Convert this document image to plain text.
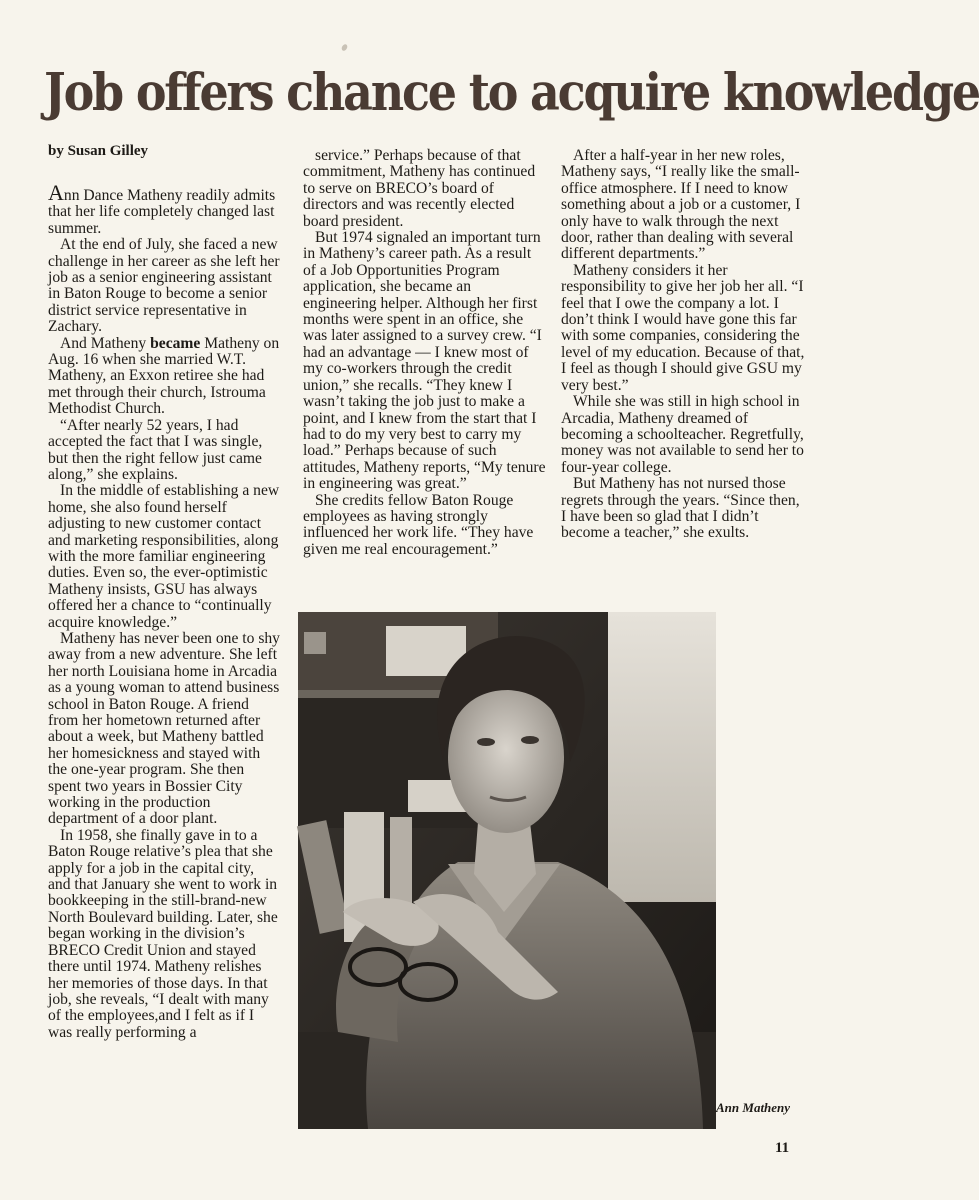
Job offers chance to acquire knowledge
by Susan Gilley

Ann Dance Matheny readily admits that her life completely changed last summer.

At the end of July, she faced a new challenge in her career as she left her job as a senior engineering assistant in Baton Rouge to become a senior district service representative in Zachary.

And Matheny became Matheny on Aug. 16 when she married W.T. Matheny, an Exxon retiree she had met through their church, Istrouma Methodist Church.

“After nearly 52 years, I had accepted the fact that I was single, but then the right fellow just came along,” she explains.

In the middle of establishing a new home, she also found herself adjusting to new customer contact and marketing responsibilities, along with the more familiar engineering duties. Even so, the ever-optimistic Matheny insists, GSU has always offered her a chance to “continually acquire knowledge.”

Matheny has never been one to shy away from a new adventure. She left her north Louisiana home in Arcadia as a young woman to attend business school in Baton Rouge. A friend from her hometown returned after about a week, but Matheny battled her homesickness and stayed with the one-year program. She then spent two years in Bossier City working in the production department of a door plant.

In 1958, she finally gave in to a Baton Rouge relative’s plea that she apply for a job in the capital city, and that January she went to work in bookkeeping in the still-brand-new North Boulevard building. Later, she began working in the division’s BRECO Credit Union and stayed there until 1974. Matheny relishes her memories of those days. In that job, she reveals, “I dealt with many of the employees,and I felt as if I was really performing a

service.” Perhaps because of that commitment, Matheny has continued to serve on BRECO’s board of directors and was recently elected board president.

But 1974 signaled an important turn in Matheny’s career path. As a result of a Job Opportunities Program application, she became an engineering helper. Although her first months were spent in an office, she was later assigned to a survey crew. “I had an advantage — I knew most of my co-workers through the credit union,” she recalls. “They knew I wasn’t taking the job just to make a point, and I knew from the start that I had to do my very best to carry my load.” Perhaps because of such attitudes, Matheny reports, “My tenure in engineering was great.”

She credits fellow Baton Rouge employees as having strongly influenced her work life. “They have given me real encouragement.”

After a half-year in her new roles, Matheny says, “I really like the small-office atmosphere. If I need to know something about a job or a customer, I only have to walk through the next door, rather than dealing with several different departments.”

Matheny considers it her responsibility to give her job her all. “I feel that I owe the company a lot. I don’t think I would have gone this far with some companies, considering the level of my education. Because of that, I feel as though I should give GSU my very best.”

While she was still in high school in Arcadia, Matheny dreamed of becoming a schoolteacher. Regretfully, money was not available to send her to four-year college.

But Matheny has not nursed those regrets through the years. “Since then, I have been so glad that I didn’t become a teacher,” she exults.

Ann Matheny
11
